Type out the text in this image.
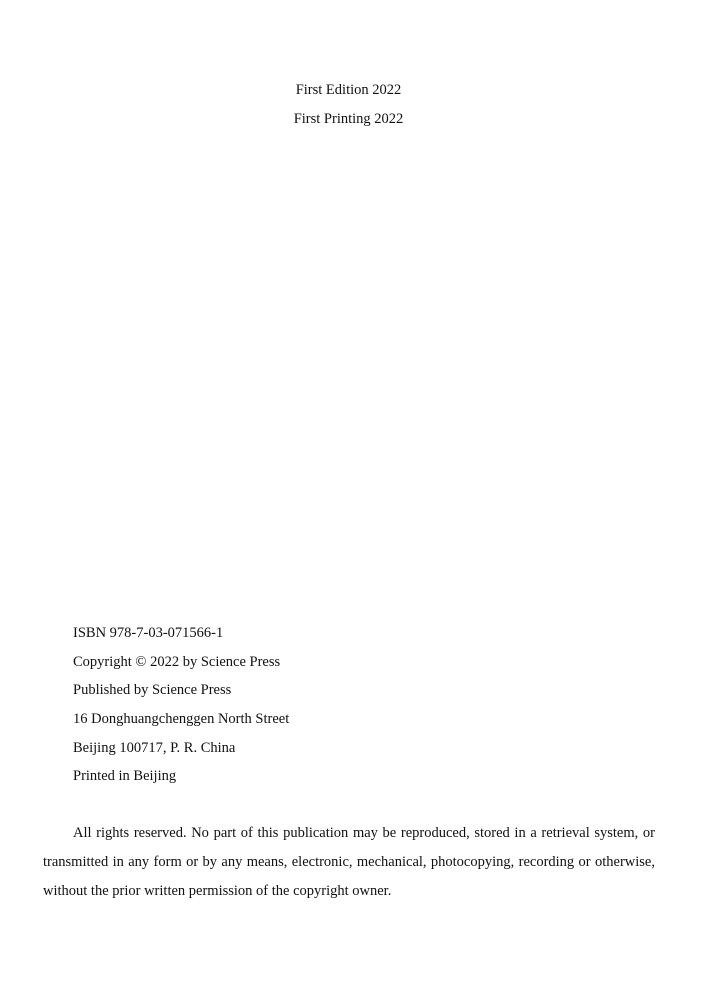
First Edition 2022
First Printing 2022
ISBN 978-7-03-071566-1
Copyright © 2022 by Science Press
Published by Science Press
16 Donghuangchenggen North Street
Beijing 100717, P. R. China
Printed in Beijing

All rights reserved. No part of this publication may be reproduced, stored in a retrieval system, or transmitted in any form or by any means, electronic, mechanical, photocopying, recording or otherwise, without the prior written permission of the copyright owner.
